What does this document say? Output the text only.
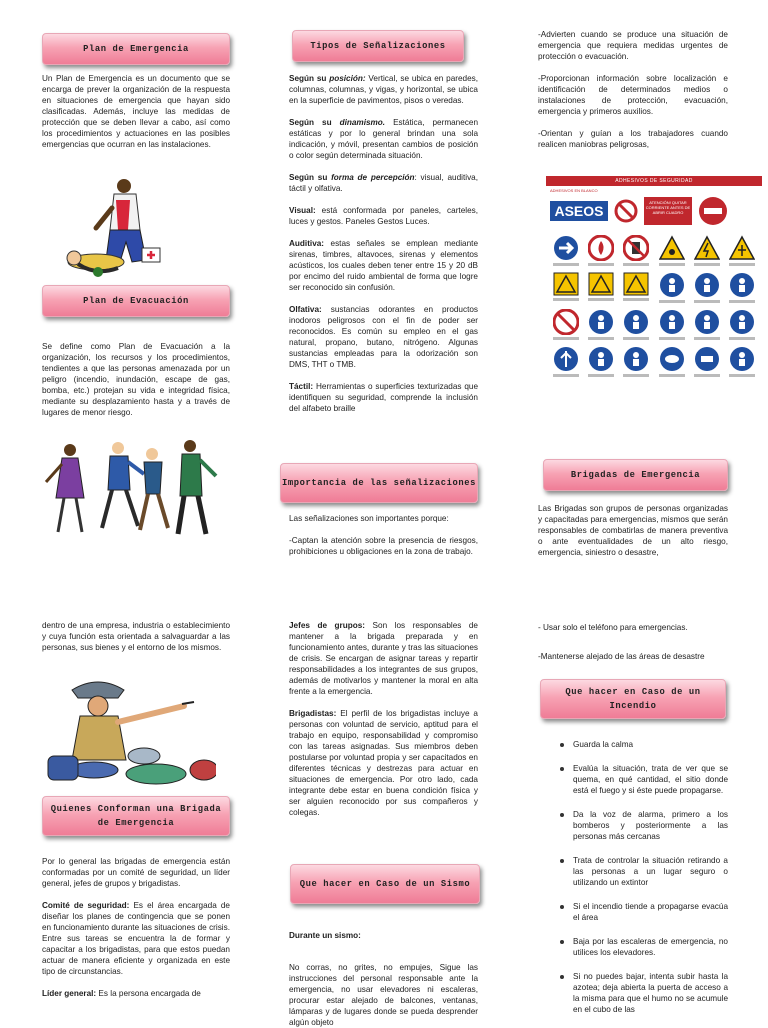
Plan de Emergencia

Un Plan de Emergencia es un documento que se encarga de prever la organización de la respuesta en situaciones de emergencia que hayan sido clasificadas. Además, incluye las medidas de protección que se deben llevar a cabo, así como los procedimientos y actuaciones en las posibles emergencias que ocurran en las instalaciones.

Plan de Evacuación

Se define como Plan de Evacuación a la organización, los recursos y los procedimientos, tendientes a que las personas amenazada por un peligro (incendio, inundación, escape de gas, bomba, etc.) protejan su vida e integridad física, mediante su desplazamiento hasta y a través de lugares de menor riesgo.

Tipos de Señalizaciones

Según su posición: Vertical, se ubica en paredes, columnas, columnas, y vigas, y horizontal, se ubica en la superficie de pavimentos, pisos o veredas.

Según su dinamismo. Estática, permanecen estáticas y por lo general brindan una sola indicación, y móvil, presentan cambios de posición o color según determinada situación.

Según su forma de percepción: visual, auditiva, táctil y olfativa.

Visual: está conformada por paneles, carteles, luces y gestos. Paneles Gestos Luces.

Auditiva: estas señales se emplean mediante sirenas, timbres, altavoces, sirenas y elementos acústicos, los cuales deben tener entre 15 y 20 dB por encimo del ruido ambiental de forma que logre ser reconocido sin confusión.

Olfativa: sustancias odorantes en productos inodoros peligrosos con el fin de poder ser reconocidos. Es común su empleo en el gas natural, propano, butano, nitrógeno. Algunas sustancias empleadas para la odorización son DMS, THT o TMB.

Táctil: Herramientas o superficies texturizadas que identifiquen su seguridad, comprende la inclusión del alfabeto braille

Importancia de las señalizaciones

Las señalizaciones son importantes porque:

-Captan la atención sobre la presencia de riesgos, prohibiciones u obligaciones en la zona de trabajo.

-Advierten cuando se produce una situación de emergencia que requiera medidas urgentes de protección o evacuación.

-Proporcionan información sobre localización e identificación de determinados medios o instalaciones de protección, evacuación, emergencia y primeros auxilios.

-Orientan y guían a los trabajadores cuando realicen maniobras peligrosas,

ADHESIVOS DE SEGURIDAD
ADHESIVOS EN BLANCO
ASEOS
ATENCIÓN! QUITAR CORRIENTE ANTES DE ABRIR CUADRO
Brigadas de Emergencia

Las Brigadas son grupos de personas organizadas y capacitadas para emergencias, mismos que serán responsables de combatirlas de manera preventiva o ante eventualidades de un alto riesgo, emergencia, siniestro o desastre,

dentro de una empresa, industria o establecimiento y cuya función esta orientada a salvaguardar a las personas, sus bienes y el entorno de los mismos.

Quienes Conforman una Brigada de Emergencia

Por lo general las brigadas de emergencia están conformadas por un comité de seguridad, un líder general, jefes de grupos y brigadistas.

Comité de seguridad: Es el área encargada de diseñar los planes de contingencia que se ponen en funcionamiento durante las situaciones de crisis. Entre sus tareas se encuentra la de formar y capacitar a los brigadistas, para que estos puedan actuar de manera eficiente y organizada en este tipo de circunstancias.

Líder general: Es la persona encargada de

Jefes de grupos: Son los responsables de mantener a la brigada preparada y en funcionamiento antes, durante y tras las situaciones de crisis. Se encargan de asignar tareas y repartir responsabilidades a los integrantes de sus grupos, además de motivarlos y mantener la moral en alta frente a la emergencia.

Brigadistas: El perfil de los brigadistas incluye a personas con voluntad de servicio, aptitud para el trabajo en equipo, responsabilidad y compromiso con las tareas asignadas. Sus miembros deben postularse por voluntad propia y ser capacitados en diferentes técnicas y destrezas para actuar en situaciones de emergencia. Por otro lado, cada integrante debe estar en buena condición física y ser alguien reconocido por sus compañeros y colegas.

Que hacer en Caso de un Sismo

Durante un sismo:

No corras, no grites, no empujes, Sigue las instrucciones del personal responsable ante la emergencia, no usar elevadores ni escaleras, procurar estar alejado de balcones, ventanas, lámparas y de lugares donde se pueda desprender algún objeto

- Usar solo el teléfono para emergencias.

-Mantenerse alejado de las áreas de desastre

Que hacer en Caso de un Incendio
Guarda la calma
Evalúa la situación, trata de ver que se quema, en qué cantidad, el sitio donde está el fuego y si éste puede propagarse.
Da la voz de alarma, primero a los bomberos y posteriormente a las personas más cercanas
Trata de controlar la situación retirando a las personas a un lugar seguro o utilizando un extintor
Si el incendio tiende a propagarse evacúa el área
Baja por las escaleras de emergencia, no utilices los elevadores.
Si no puedes bajar, intenta subir hasta la azotea; deja abierta la puerta de acceso a la misma para que el humo no se acumule en el cubo de las
